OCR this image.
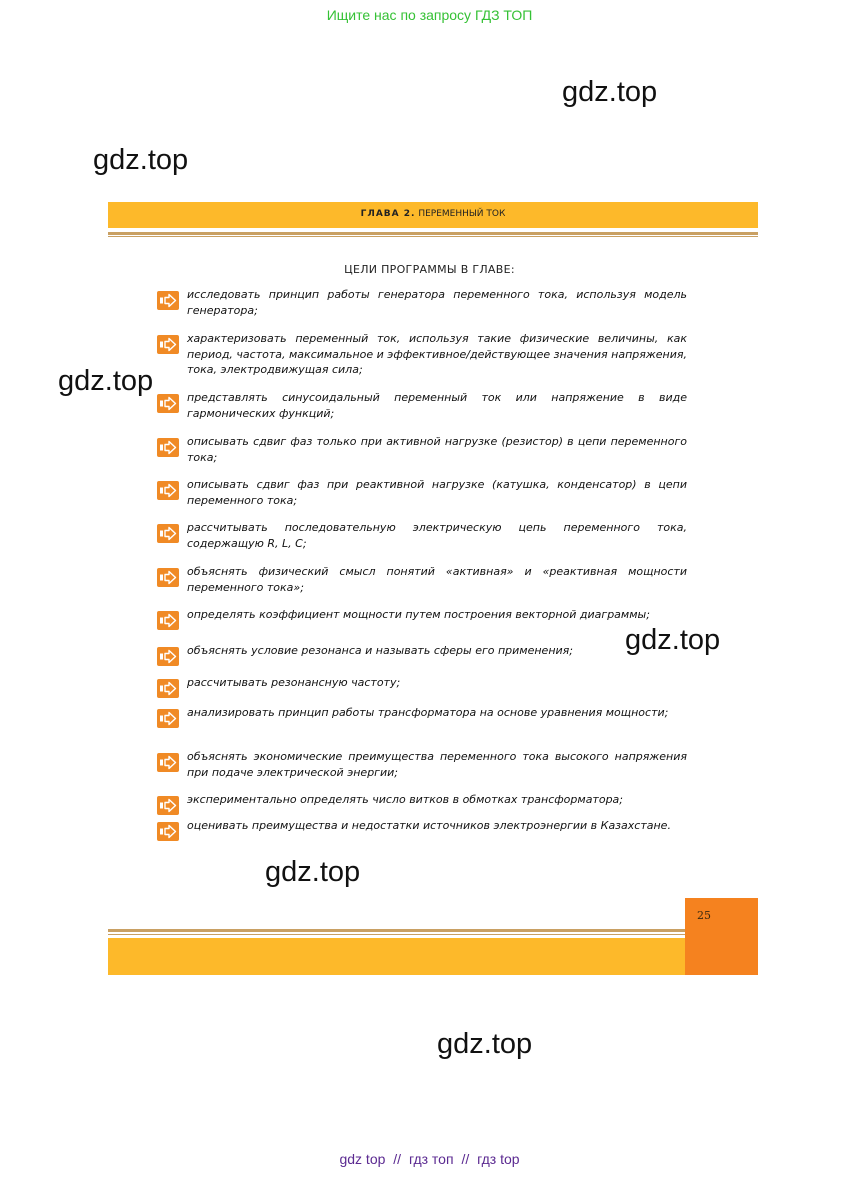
Ищите нас по запросу ГДЗ ТОП
gdz.top
gdz.top
gdz.top
gdz.top
gdz.top
gdz.top
ГЛАВА 2. ПЕРЕМЕННЫЙ ТОК
ЦЕЛИ ПРОГРАММЫ В ГЛАВЕ:
исследовать принцип работы генератора переменного тока, используя модель генератора;
характеризовать переменный ток, используя такие физические величины, как период, частота, максимальное и эффективное/действующее значения напряжения, тока, электродвижущая сила;
представлять синусоидальный переменный ток или напряжение в виде гармонических функций;
описывать сдвиг фаз только при активной нагрузке (резистор) в цепи переменного тока;
описывать сдвиг фаз при реактивной нагрузке (катушка, конденсатор) в цепи переменного тока;
рассчитывать последовательную электрическую цепь переменного тока, содержащую R, L, C;
объяснять физический смысл понятий «активная» и «реактивная мощности переменного тока»;
определять коэффициент мощности путем построения векторной диаграммы;
объяснять условие резонанса и называть сферы его применения;
рассчитывать резонансную частоту;
анализировать принцип работы трансформатора на основе уравнения мощности;
объяснять экономические преимущества переменного тока высокого напряжения при подаче электрической энергии;
экспериментально определять число витков в обмотках трансформатора;
оценивать преимущества и недостатки источников электроэнергии в Казахстане.
25
gdz top // гдз топ // гдз top
